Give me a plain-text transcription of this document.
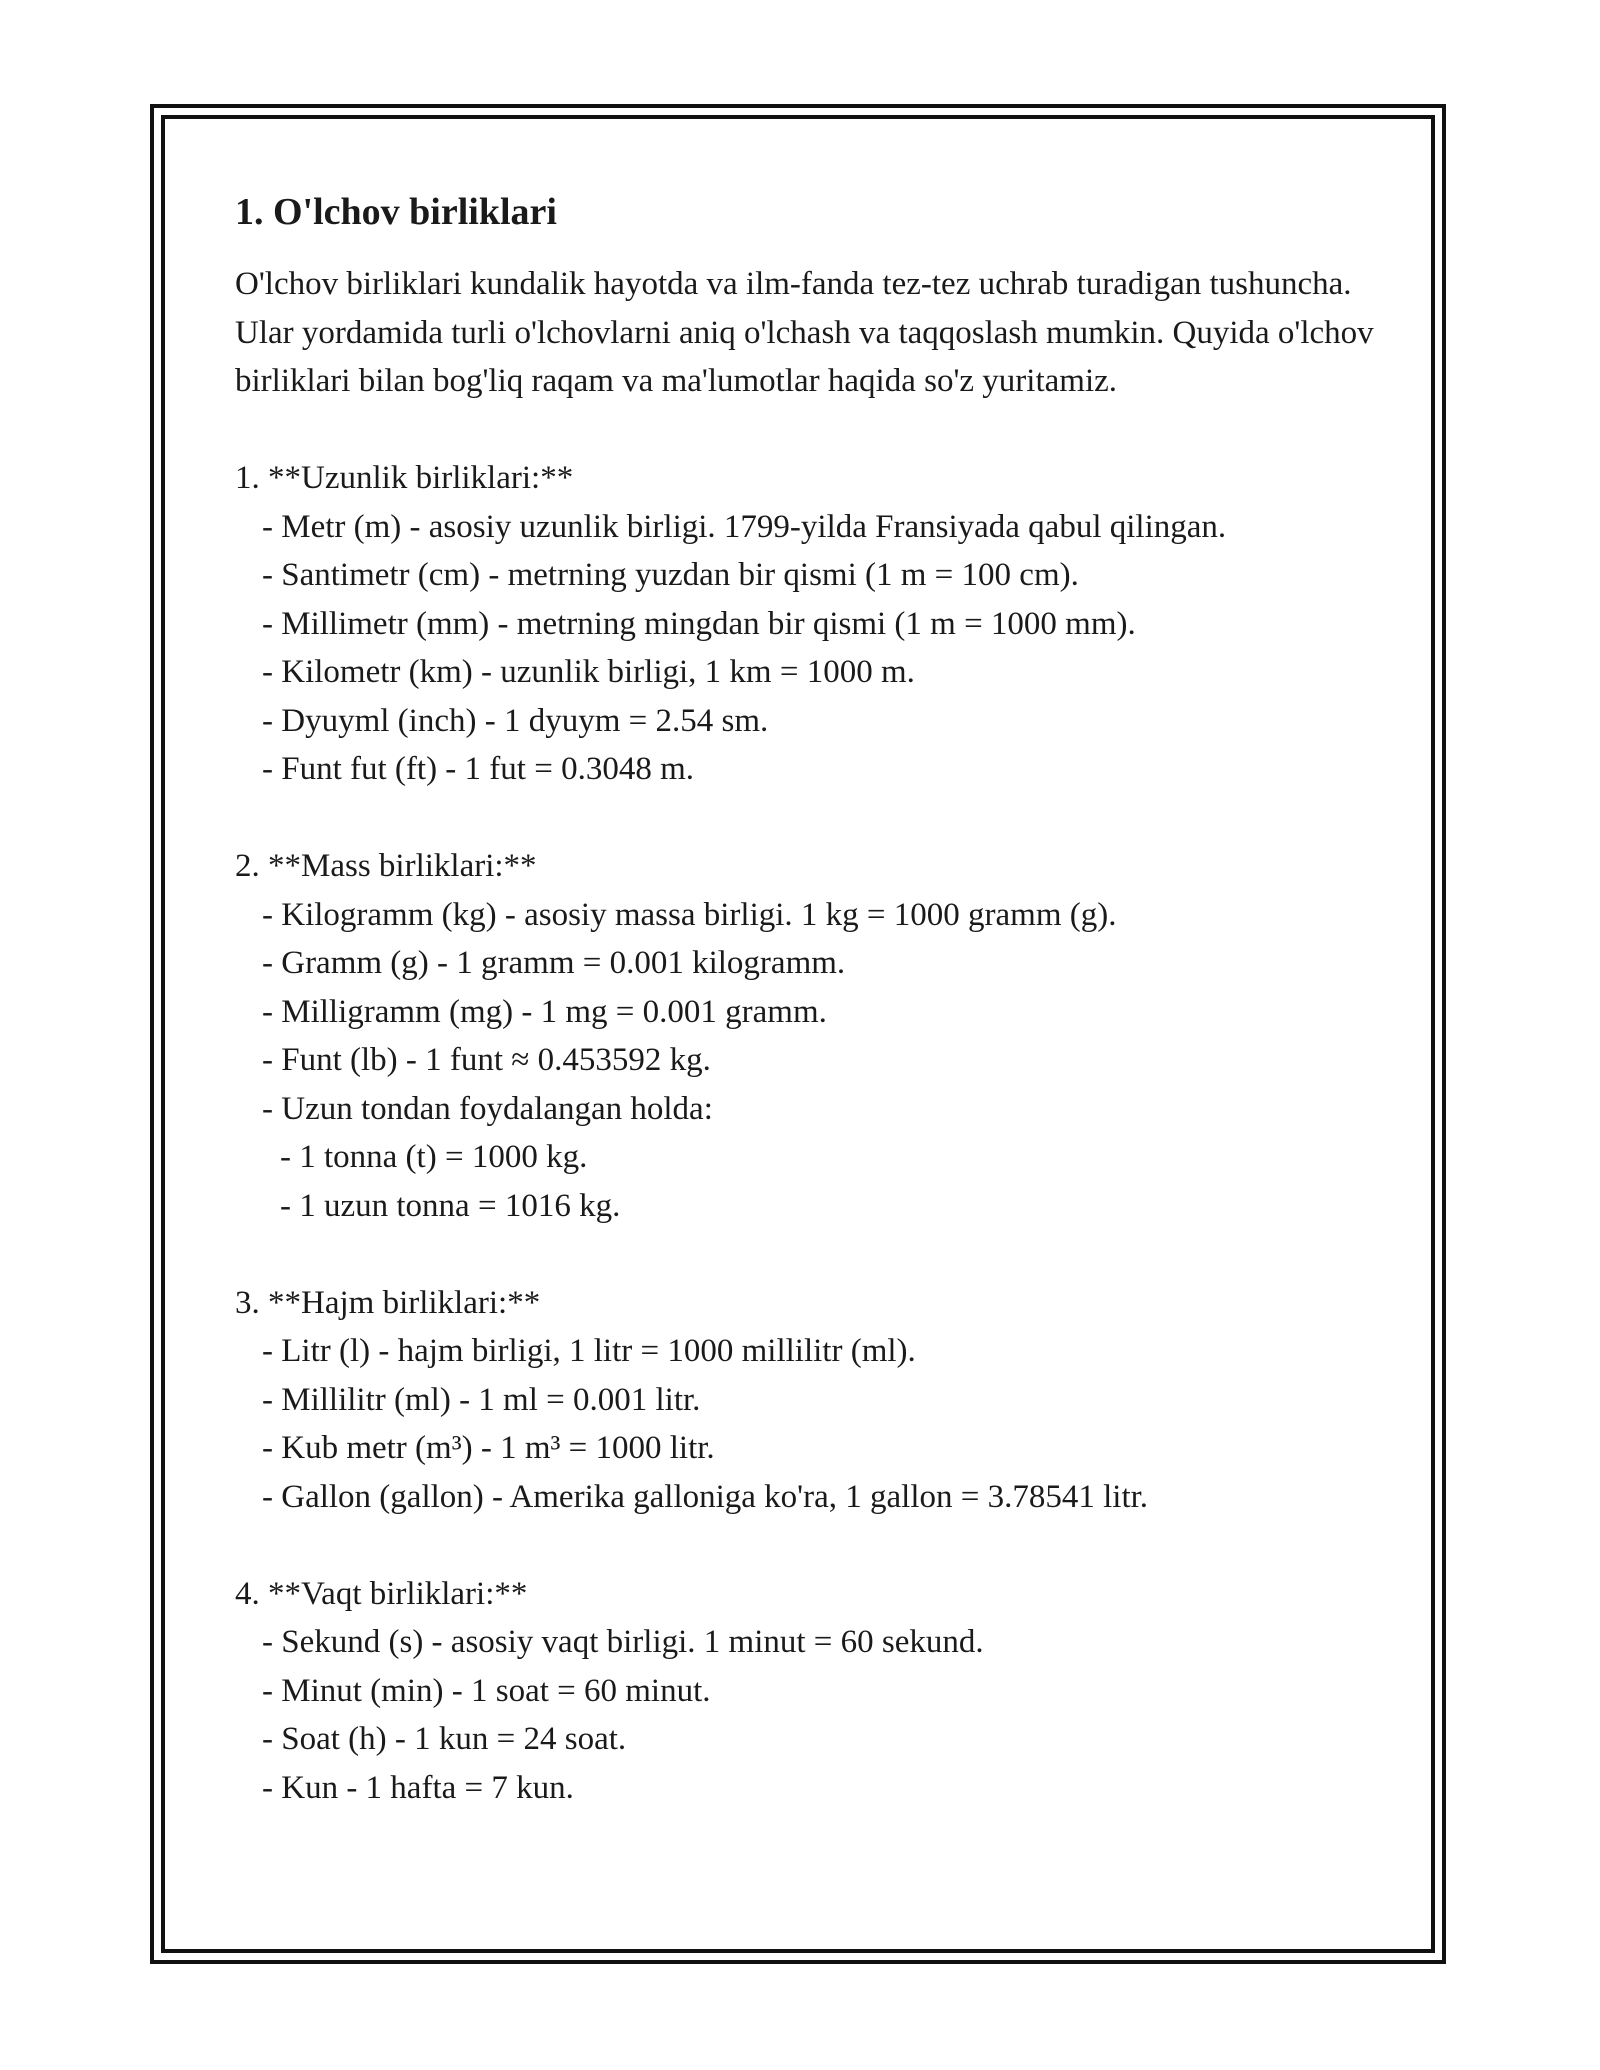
1. O'lchov birliklari

O'lchov birliklari kundalik hayotda va ilm-fanda tez-tez uchrab turadigan tushuncha. Ular yordamida turli o'lchovlarni aniq o'lchash va taqqoslash mumkin. Quyida o'lchov birliklari bilan bog'liq raqam va ma'lumotlar haqida so'z yuritamiz.

1. **Uzunlik birliklari:**
- Metr (m) - asosiy uzunlik birligi. 1799-yilda Fransiyada qabul qilingan.
- Santimetr (cm) - metrning yuzdan bir qismi (1 m = 100 cm).
- Millimetr (mm) - metrning mingdan bir qismi (1 m = 1000 mm).
- Kilometr (km) - uzunlik birligi, 1 km = 1000 m.
- Dyuyml (inch) - 1 dyuym = 2.54 sm.
- Funt fut (ft) - 1 fut = 0.3048 m.
2. **Mass birliklari:**
- Kilogramm (kg) - asosiy massa birligi. 1 kg = 1000 gramm (g).
- Gramm (g) - 1 gramm = 0.001 kilogramm.
- Milligramm (mg) - 1 mg = 0.001 gramm.
- Funt (lb) - 1 funt ≈ 0.453592 kg.
- Uzun tondan foydalangan holda:
- 1 tonna (t) = 1000 kg.
- 1 uzun tonna = 1016 kg.
3. **Hajm birliklari:**
- Litr (l) - hajm birligi, 1 litr = 1000 millilitr (ml).
- Millilitr (ml) - 1 ml = 0.001 litr.
- Kub metr (m³) - 1 m³ = 1000 litr.
- Gallon (gallon) - Amerika galloniga ko'ra, 1 gallon = 3.78541 litr.
4. **Vaqt birliklari:**
- Sekund (s) - asosiy vaqt birligi. 1 minut = 60 sekund.
- Minut (min) - 1 soat = 60 minut.
- Soat (h) - 1 kun = 24 soat.
- Kun - 1 hafta = 7 kun.
